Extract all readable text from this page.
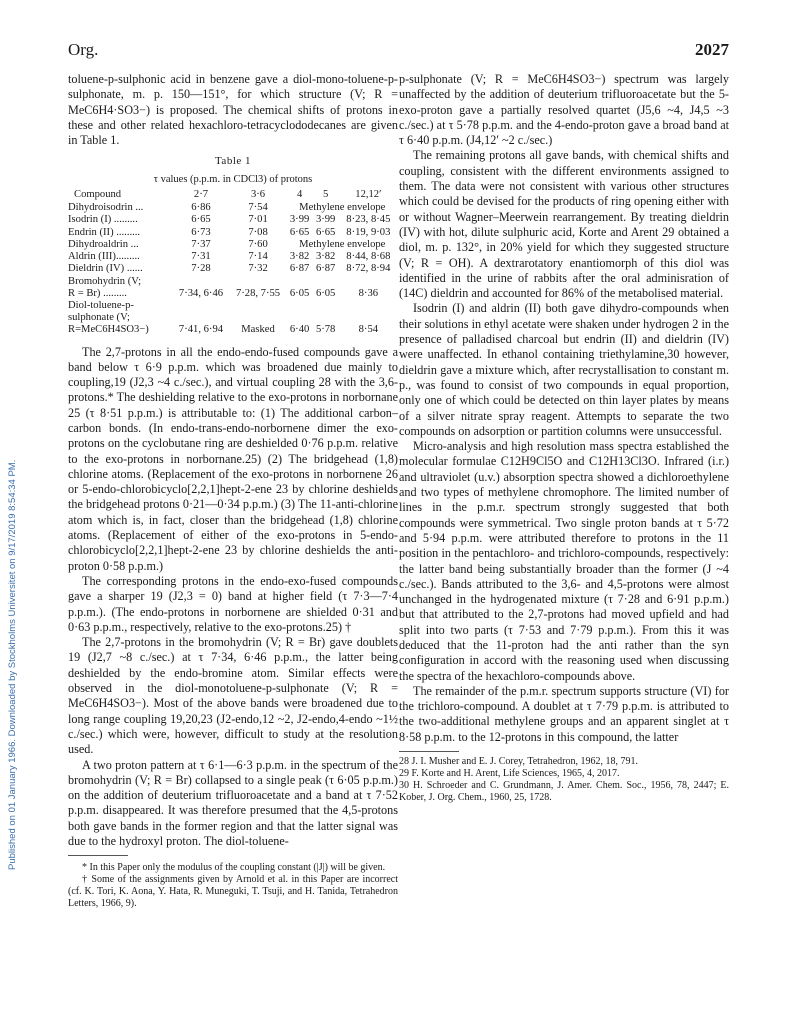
Published on 01 January 1966. Downloaded by Stockholms Universitet on 9/17/2019 8:54:34 PM.
Org.	2027

toluene-p-sulphonic acid in benzene gave a diol-mono-toluene-p-sulphonate, m. p. 150—151°, for which structure (V; R = MeC6H4·SO3−) is proposed. The chemical shifts of protons in these and other related hexachloro-tetracyclododecanes are given in Table 1.

Table 1
τ values (p.p.m. in CDCl3) of protons
Compound	2·7	3·6	4	5	12,12′
Dihydroisodrin ...	6·86	7·54	Methylene envelope		
Isodrin (I) .........	6·65	7·01	3·99	3·99	8·23, 8·45
Endrin (II) .........	6·73	7·08	6·65	6·65	8·19, 9·03
Dihydroaldrin ...	7·37	7·60	Methylene envelope		
Aldrin (III).........	7·31	7·14	3·82	3·82	8·44, 8·68
Dieldrin (IV) ......	7·28	7·32	6·87	6·87	8·72, 8·94
Bromohydrin (V;					
R = Br) .........	7·34, 6·46	7·28, 7·55	6·05	6·05	8·36
Diol-toluene-p-					
sulphonate (V;					
R=MeC6H4SO3−)	7·41, 6·94	Masked	6·40	5·78	8·54

The 2,7-protons in all the endo-endo-fused compounds gave a band below τ 6·9 p.p.m. which was broadened due mainly to coupling,19 (J2,3 ~4 c./sec.), and virtual coupling 28 with the 3,6-protons.* The deshielding relative to the exo-protons in norbornane 25 (τ 8·51 p.p.m.) is attributable to: (1) The additional carbon–carbon bonds. (In endo-trans-endo-norbornene dimer the exo-protons on the cyclobutane ring are deshielded 0·76 p.p.m. relative to the exo-protons in norbornane.25) (2) The bridgehead (1,8) chlorine atoms. (Replacement of the exo-protons in norbornene 26 or 5-endo-chlorobicyclo[2,2,1]hept-2-ene 23 by chlorine deshields the bridgehead protons 0·21—0·34 p.p.m.) (3) The 11-anti-chlorine atom which is, in fact, closer than the bridgehead (1,8) chlorine atoms. (Replacement of either of the exo-protons in 5-endo-chlorobicyclo[2,2,1]hept-2-ene 23 by chlorine deshields the anti-proton 0·58 p.p.m.)

The corresponding protons in the endo-exo-fused compounds gave a sharper 19 (J2,3 = 0) band at higher field (τ 7·3—7·4 p.p.m.). (The endo-protons in norbornene are shielded 0·31 and 0·63 p.p.m., respectively, relative to the exo-protons.25) †

The 2,7-protons in the bromohydrin (V; R = Br) gave doublets 19 (J2,7 ~8 c./sec.) at τ 7·34, 6·46 p.p.m., the latter being deshielded by the endo-bromine atom. Similar effects were observed in the diol-monotoluene-p-sulphonate (V; R = MeC6H4SO3−). Most of the above bands were broadened due to long range coupling 19,20,23 (J2-endo,12 ~2, J2-endo,4-endo ~1½ c./sec.) which were, however, difficult to study at the resolution used.

A two proton pattern at τ 6·1—6·3 p.p.m. in the spectrum of the bromohydrin (V; R = Br) collapsed to a single peak (τ 6·05 p.p.m.) on the addition of deuterium trifluoroacetate and a band at τ 7·52 p.p.m. disappeared. It was therefore presumed that the 4,5-protons both gave bands in the former region and that the latter signal was due to the hydroxyl proton. The diol-toluene-

* In this Paper only the modulus of the coupling constant (|J|) will be given.

† Some of the assignments given by Arnold et al. in this Paper are incorrect (cf. K. Tori, K. Aona, Y. Hata, R. Muneguki, T. Tsuji, and H. Tanida, Tetrahedron Letters, 1966, 9).

p-sulphonate (V; R = MeC6H4SO3−) spectrum was largely unaffected by the addition of deuterium trifluoroacetate but the 5-exo-proton gave a partially resolved quartet (J5,6 ~4, J4,5 ~3 c./sec.) at τ 5·78 p.p.m. and the 4-endo-proton gave a broad band at τ 6·40 p.p.m. (J4,12′ ~2 c./sec.)

The remaining protons all gave bands, with chemical shifts and coupling, consistent with the different environments assigned to them. The data were not consistent with various other structures which could be devised for the products of ring opening either with or without Wagner–Meerwein rearrangement. By treating dieldrin (IV) with hot, dilute sulphuric acid, Korte and Arent 29 obtained a diol, m. p. 132°, in 20% yield for which they suggested structure (V; R = OH). A dextrarotatory enantiomorph of this diol was identified in the urine of rabbits after the oral adminisration of (14C) dieldrin and accounted for 86% of the metabolised material.

Isodrin (I) and aldrin (II) both gave dihydro-compounds when their solutions in ethyl acetate were shaken under hydrogen 2 in the presence of palladised charcoal but endrin (II) and dieldrin (IV) were unaffected. In ethanol containing triethylamine,30 however, dieldrin gave a mixture which, after recrystallisation to constant m. p., was found to consist of two compounds in equal proportion, only one of which could be detected on thin layer plates by means of a silver nitrate spray reagent. Attempts to separate the two compounds on adsorption or partition columns were unsuccessful.

Micro-analysis and high resolution mass spectra established the molecular formulae C12H9Cl5O and C12H13Cl3O. Infrared (i.r.) and ultraviolet (u.v.) absorption spectra showed a dichloroethylene and two types of methylene chromophore. The limited number of lines in the p.m.r. spectrum strongly suggested that both compounds were symmetrical. Two single proton bands at τ 5·72 and 5·94 p.p.m. were attributed therefore to protons in the 11 position in the pentachloro- and trichloro-compounds, respectively: the latter band being substantially broader than the former (J ~4 c./sec.). Bands attributed to the 3,6- and 4,5-protons were almost unchanged in the hydrogenated mixture (τ 7·28 and 6·91 p.p.m.) but that attributed to the 2,7-protons had moved upfield and had split into two parts (τ 7·53 and 7·79 p.p.m.). From this it was deduced that the 11-proton had the anti rather than the syn configuration in accord with the reasoning used when discussing the spectra of the hexachloro-compounds above.

The remainder of the p.m.r. spectrum supports structure (VI) for the trichloro-compound. A doublet at τ 7·79 p.p.m. is attributed to the two-additional methylene groups and an apparent singlet at τ 8·58 p.p.m. to the 12-protons in this compound, the latter

28 J. I. Musher and E. J. Corey, Tetrahedron, 1962, 18, 791.

29 F. Korte and H. Arent, Life Sciences, 1965, 4, 2017.

30 H. Schroeder and C. Grundmann, J. Amer. Chem. Soc., 1956, 78, 2447; E. Kober, J. Org. Chem., 1960, 25, 1728.
